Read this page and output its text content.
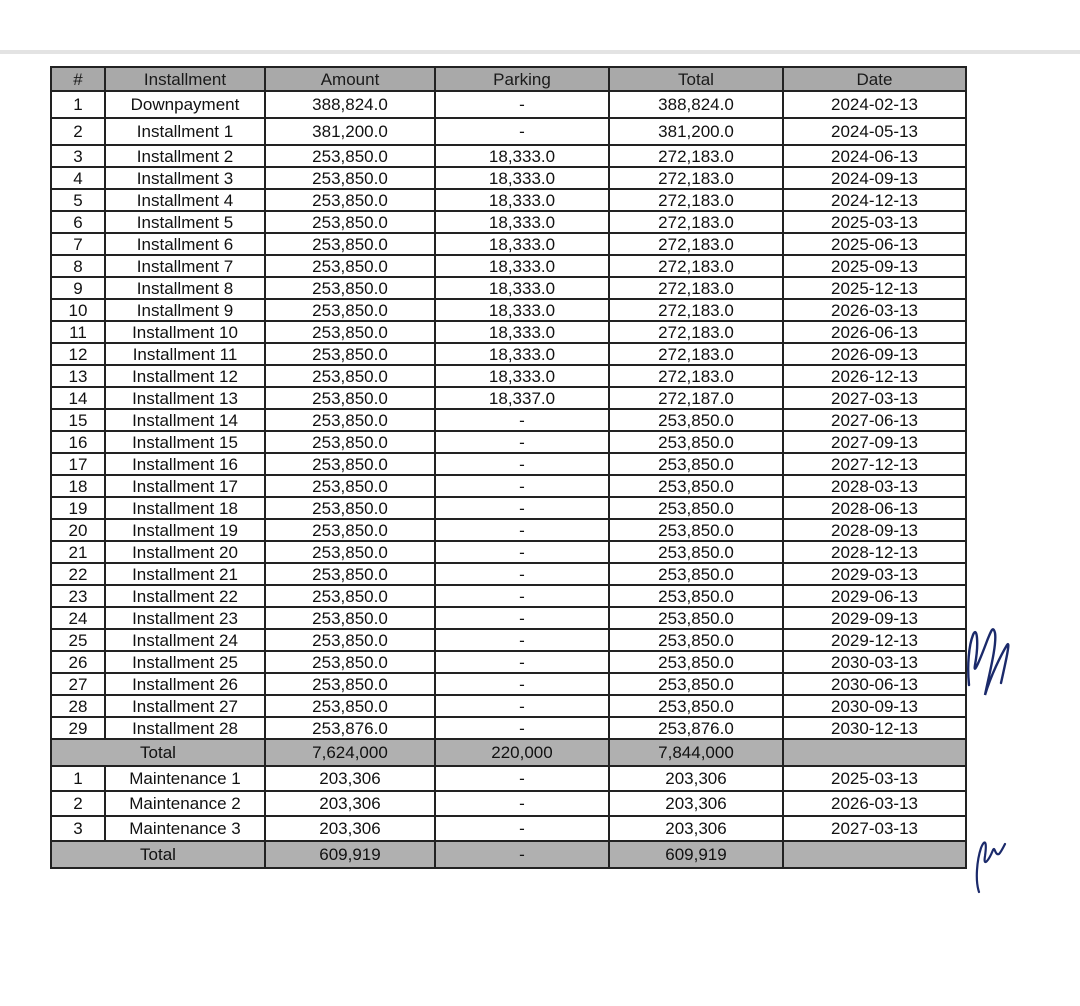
#	Installment	Amount	Parking	Total	Date
1	Downpayment	388,824.0	-	388,824.0	2024-02-13
2	Installment 1	381,200.0	-	381,200.0	2024-05-13
3	Installment 2	253,850.0	18,333.0	272,183.0	2024-06-13
4	Installment 3	253,850.0	18,333.0	272,183.0	2024-09-13
5	Installment 4	253,850.0	18,333.0	272,183.0	2024-12-13
6	Installment 5	253,850.0	18,333.0	272,183.0	2025-03-13
7	Installment 6	253,850.0	18,333.0	272,183.0	2025-06-13
8	Installment 7	253,850.0	18,333.0	272,183.0	2025-09-13
9	Installment 8	253,850.0	18,333.0	272,183.0	2025-12-13
10	Installment 9	253,850.0	18,333.0	272,183.0	2026-03-13
11	Installment 10	253,850.0	18,333.0	272,183.0	2026-06-13
12	Installment 11	253,850.0	18,333.0	272,183.0	2026-09-13
13	Installment 12	253,850.0	18,333.0	272,183.0	2026-12-13
14	Installment 13	253,850.0	18,337.0	272,187.0	2027-03-13
15	Installment 14	253,850.0	-	253,850.0	2027-06-13
16	Installment 15	253,850.0	-	253,850.0	2027-09-13
17	Installment 16	253,850.0	-	253,850.0	2027-12-13
18	Installment 17	253,850.0	-	253,850.0	2028-03-13
19	Installment 18	253,850.0	-	253,850.0	2028-06-13
20	Installment 19	253,850.0	-	253,850.0	2028-09-13
21	Installment 20	253,850.0	-	253,850.0	2028-12-13
22	Installment 21	253,850.0	-	253,850.0	2029-03-13
23	Installment 22	253,850.0	-	253,850.0	2029-06-13
24	Installment 23	253,850.0	-	253,850.0	2029-09-13
25	Installment 24	253,850.0	-	253,850.0	2029-12-13
26	Installment 25	253,850.0	-	253,850.0	2030-03-13
27	Installment 26	253,850.0	-	253,850.0	2030-06-13
28	Installment 27	253,850.0	-	253,850.0	2030-09-13
29	Installment 28	253,876.0	-	253,876.0	2030-12-13
Total		7,624,000	220,000	7,844,000	
1	Maintenance 1	203,306	-	203,306	2025-03-13
2	Maintenance 2	203,306	-	203,306	2026-03-13
3	Maintenance 3	203,306	-	203,306	2027-03-13
Total		609,919	-	609,919	
